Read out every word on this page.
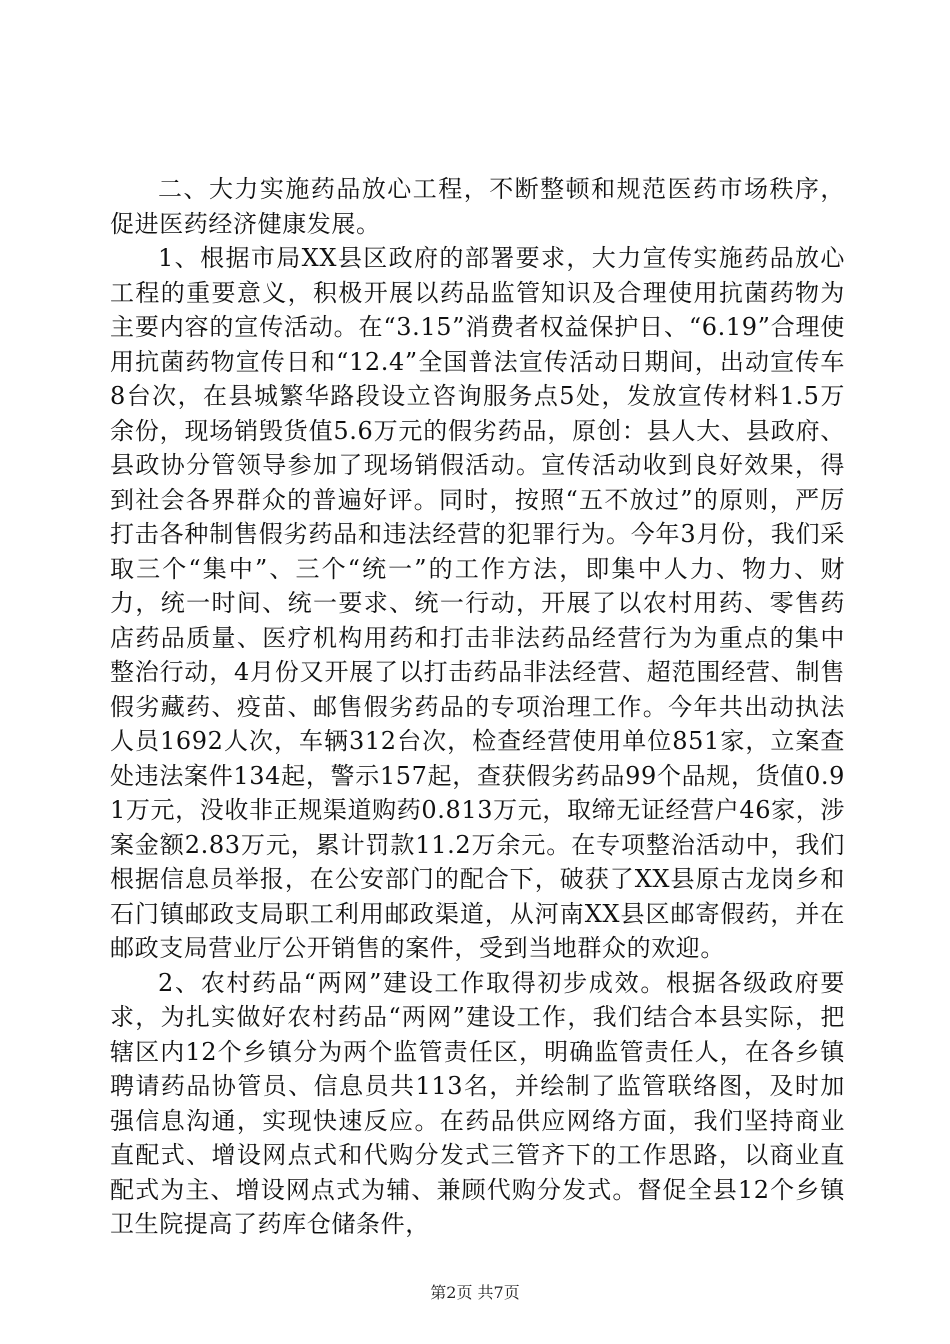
二、大力实施药品放心工程，不断整顿和规范医药市场秩序，促进医药经济健康发展。

1、根据市局XX县区政府的部署要求，大力宣传实施药品放心工程的重要意义，积极开展以药品监管知识及合理使用抗菌药物为主要内容的宣传活动。在“3.15”消费者权益保护日、“6.19”合理使用抗菌药物宣传日和“12.4”全国普法宣传活动日期间，出动宣传车8台次，在县城繁华路段设立咨询服务点5处，发放宣传材料1.5万余份，现场销毁货值5.6万元的假劣药品，原创：县人大、县政府、县政协分管领导参加了现场销假活动。宣传活动收到良好效果，得到社会各界群众的普遍好评。同时，按照“五不放过”的原则，严厉打击各种制售假劣药品和违法经营的犯罪行为。今年3月份，我们采取三个“集中”、三个“统一”的工作方法，即集中人力、物力、财力，统一时间、统一要求、统一行动，开展了以农村用药、零售药店药品质量、医疗机构用药和打击非法药品经营行为为重点的集中整治行动，4月份又开展了以打击药品非法经营、超范围经营、制售假劣藏药、疫苗、邮售假劣药品的专项治理工作。今年共出动执法人员1692人次，车辆312台次，检查经营使用单位851家，立案查处违法案件134起，警示157起，查获假劣药品99个品规，货值0.91万元，没收非正规渠道购药0.813万元，取缔无证经营户46家，涉案金额2.83万元，累计罚款11.2万余元。在专项整治活动中，我们根据信息员举报，在公安部门的配合下，破获了XX县原古龙岗乡和石门镇邮政支局职工利用邮政渠道，从河南XX县区邮寄假药，并在邮政支局营业厅公开销售的案件，受到当地群众的欢迎。

2、农村药品“两网”建设工作取得初步成效。根据各级政府要求，为扎实做好农村药品“两网”建设工作，我们结合本县实际，把辖区内12个乡镇分为两个监管责任区，明确监管责任人，在各乡镇聘请药品协管员、信息员共113名，并绘制了监管联络图，及时加强信息沟通，实现快速反应。在药品供应网络方面，我们坚持商业直配式、增设网点式和代购分发式三管齐下的工作思路，以商业直配式为主、增设网点式为辅、兼顾代购分发式。督促全县12个乡镇卫生院提高了药库仓储条件，

第2页 共7页
